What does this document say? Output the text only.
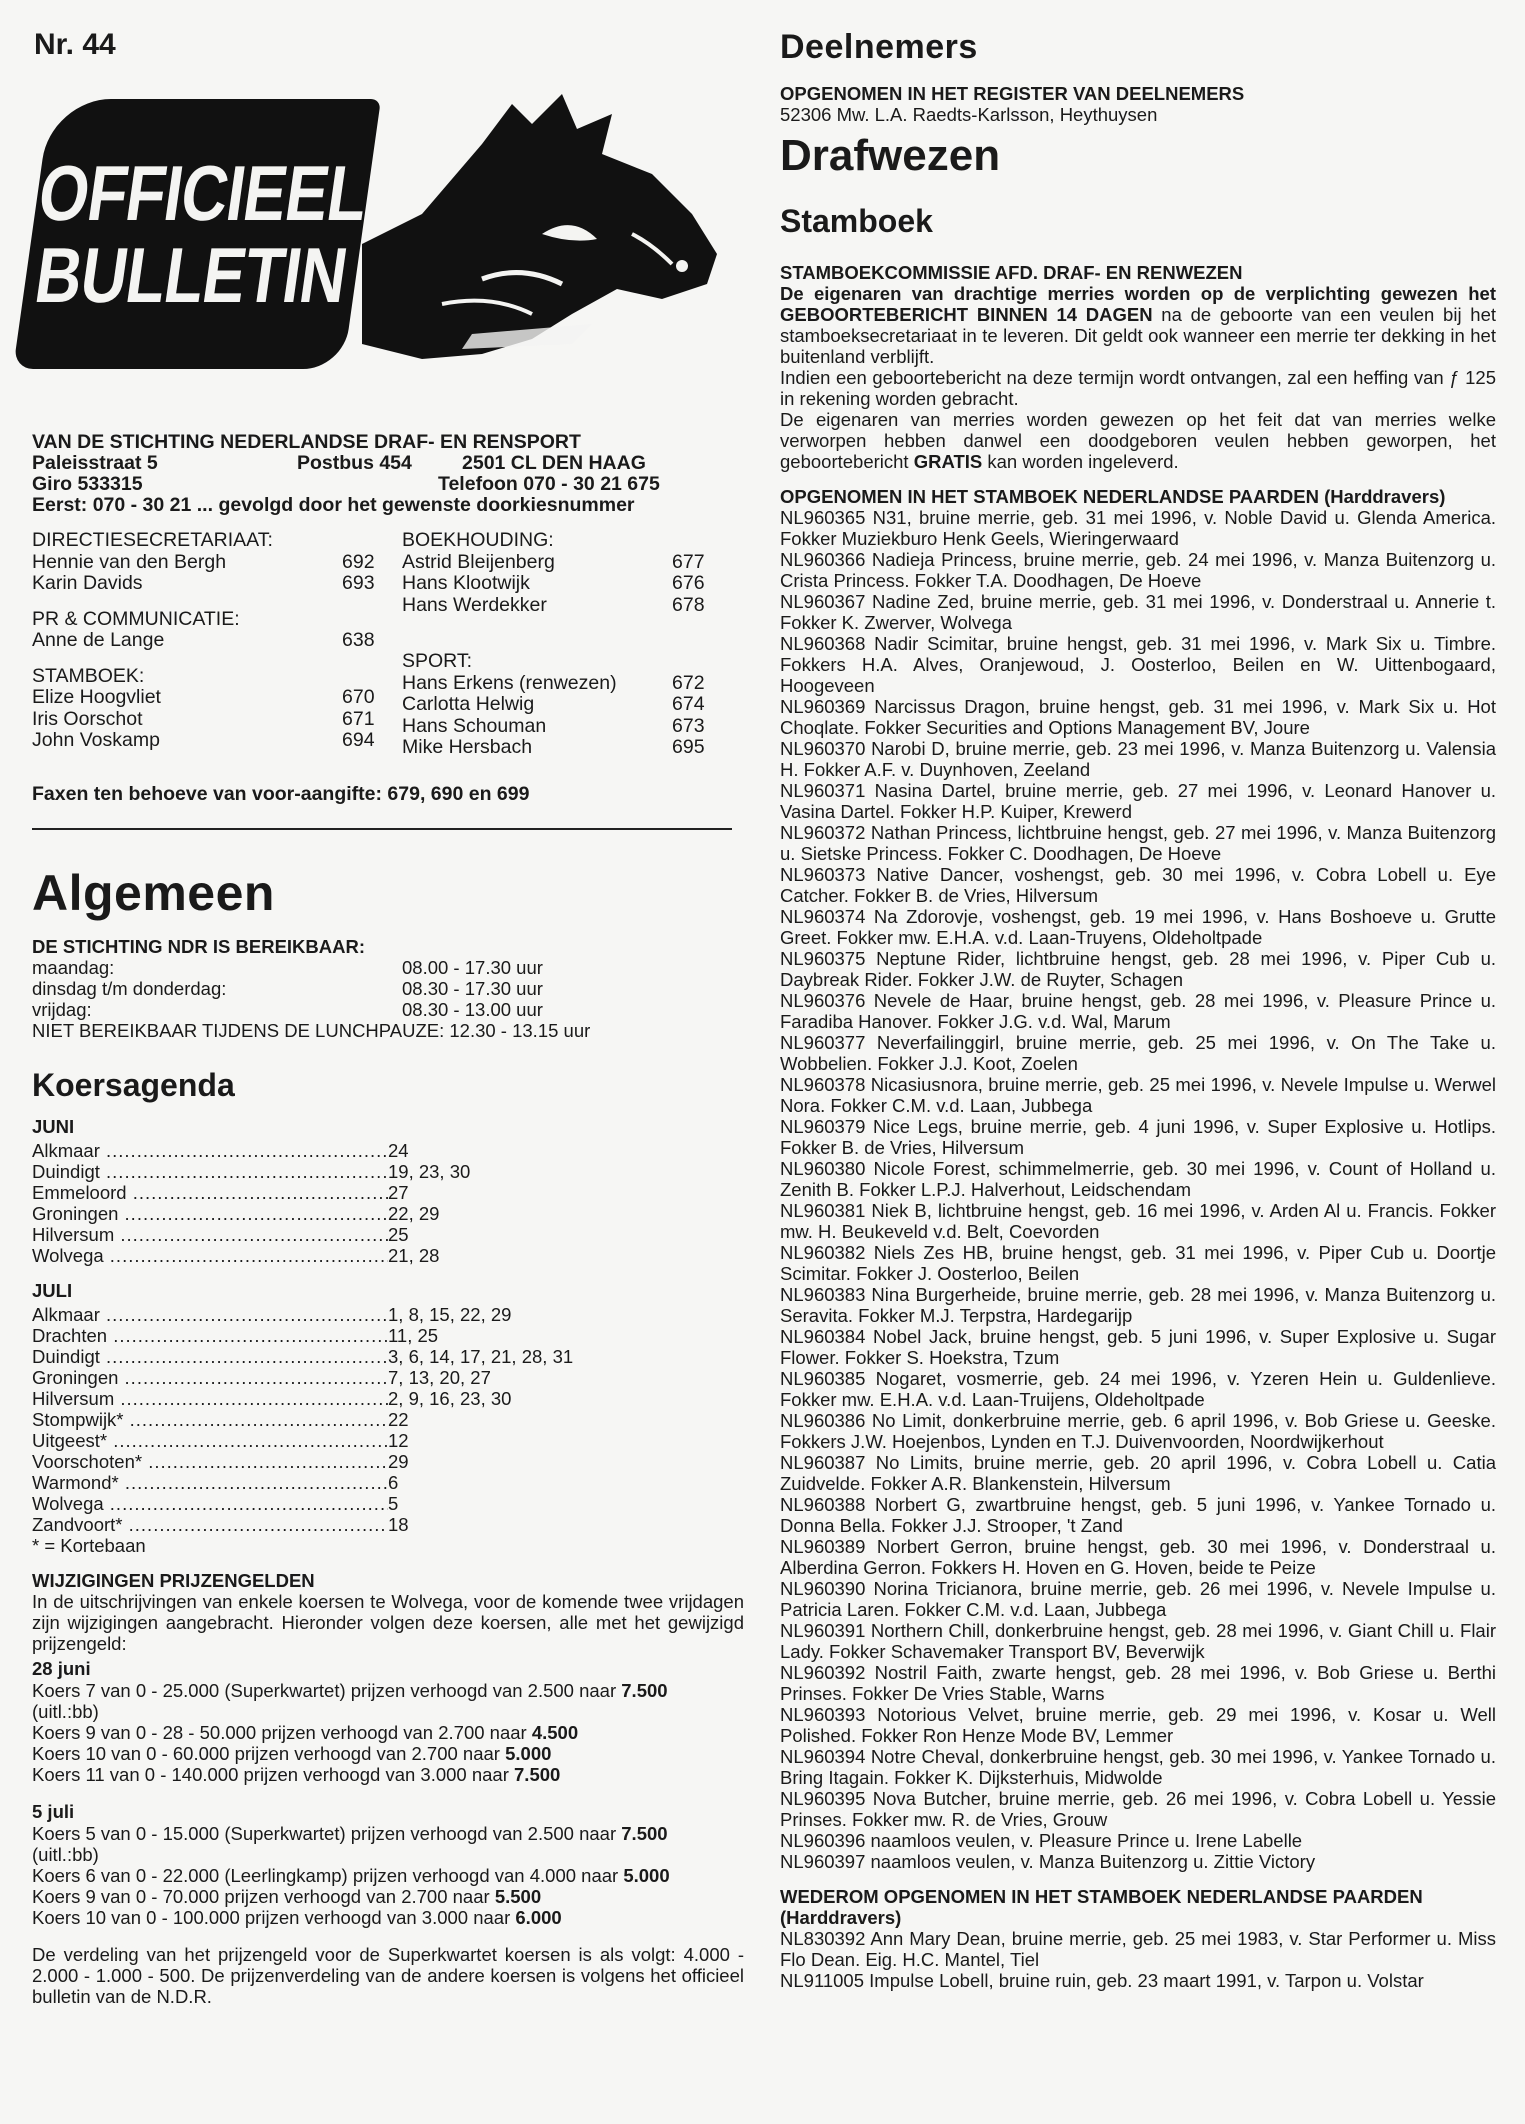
Nr. 44
OFFICIEEL
BULLETIN
VAN DE STICHTING NEDERLANDSE DRAF- EN RENSPORT
Paleisstraat 5	Postbus 454	2501 CL DEN HAAG
Giro 533315	Telefoon 070 - 30 21 675
Eerst: 070 - 30 21 ... gevolgd door het gewenste doorkiesnummer
DIRECTIESECRETARIAAT:
Hennie van den Bergh	692
Karin Davids	693
PR & COMMUNICATIE:
Anne de Lange	638
STAMBOEK:
Elize Hoogvliet	670
Iris Oorschot	671
John Voskamp	694
BOEKHOUDING:
Astrid Bleijenberg	677
Hans Klootwijk	676
Hans Werdekker	678
SPORT:
Hans Erkens (renwezen)	672
Carlotta Helwig	674
Hans Schouman	673
Mike Hersbach	695
Faxen ten behoeve van voor-aangifte: 679, 690 en 699
Algemeen
DE STICHTING NDR IS BEREIKBAAR:
maandag:	08.00 - 17.30 uur
dinsdag t/m donderdag:	08.30 - 17.30 uur
vrijdag:	08.30 - 13.00 uur
NIET BEREIKBAAR TIJDENS DE LUNCHPAUZE: 12.30 - 13.15 uur
Koersagenda
JUNI
Alkmaar .....	24
Duindigt .....	19, 23, 30
Emmeloord .....	27
Groningen .....	22, 29
Hilversum .....	25
Wolvega .....	21, 28
JULI
Alkmaar .....	1, 8, 15, 22, 29
Drachten .....	11, 25
Duindigt .....	3, 6, 14, 17, 21, 28, 31
Groningen .....	7, 13, 20, 27
Hilversum .....	2, 9, 16, 23, 30
Stompwijk* .....	22
Uitgeest* .....	12
Voorschoten* .....	29
Warmond* .....	6
Wolvega .....	5
Zandvoort* .....	18
* = Kortebaan
WIJZIGINGEN PRIJZENGELDEN
In de uitschrijvingen van enkele koersen te Wolvega, voor de komende twee vrijdagen zijn wijzigingen aangebracht. Hieronder volgen deze koersen, alle met het gewijzigd prijzengeld:
28 juni
Koers 7 van 0 - 25.000 (Superkwartet) prijzen verhoogd van 2.500 naar 7.500
(uitl.:bb)
Koers 9 van 0 - 28 - 50.000 prijzen verhoogd van 2.700 naar 4.500
Koers 10 van 0 - 60.000 prijzen verhoogd van 2.700 naar 5.000
Koers 11 van 0 - 140.000 prijzen verhoogd van 3.000 naar 7.500
5 juli
Koers 5 van 0 - 15.000 (Superkwartet) prijzen verhoogd van 2.500 naar 7.500
(uitl.:bb)
Koers 6 van 0 - 22.000 (Leerlingkamp) prijzen verhoogd van 4.000 naar 5.000
Koers 9 van 0 - 70.000 prijzen verhoogd van 2.700 naar 5.500
Koers 10 van 0 - 100.000 prijzen verhoogd van 3.000 naar 6.000
De verdeling van het prijzengeld voor de Superkwartet koersen is als volgt: 4.000 - 2.000 - 1.000 - 500. De prijzenverdeling van de andere koersen is volgens het officieel bulletin van de N.D.R.
Deelnemers
OPGENOMEN IN HET REGISTER VAN DEELNEMERS
52306 Mw. L.A. Raedts-Karlsson, Heythuysen
Drafwezen
Stamboek
STAMBOEKCOMMISSIE AFD. DRAF- EN RENWEZEN
De eigenaren van drachtige merries worden op de verplichting gewezen het GEBOORTEBERICHT BINNEN 14 DAGEN na de geboorte van een veulen bij het stamboeksecretariaat in te leveren. Dit geldt ook wanneer een merrie ter dekking in het buitenland verblijft.
Indien een geboortebericht na deze termijn wordt ontvangen, zal een heffing van ƒ 125 in rekening worden gebracht.
De eigenaren van merries worden gewezen op het feit dat van merries welke verworpen hebben danwel een doodgeboren veulen hebben geworpen, het geboortebericht GRATIS kan worden ingeleverd.
OPGENOMEN IN HET STAMBOEK NEDERLANDSE PAARDEN (Harddravers)
NL960365 N31, bruine merrie, geb. 31 mei 1996, v. Noble David u. Glenda America. Fokker Muziekburo Henk Geels, Wieringerwaard
NL960366 Nadieja Princess, bruine merrie, geb. 24 mei 1996, v. Manza Buitenzorg u. Crista Princess. Fokker T.A. Doodhagen, De Hoeve
NL960367 Nadine Zed, bruine merrie, geb. 31 mei 1996, v. Donderstraal u. Annerie t. Fokker K. Zwerver, Wolvega
NL960368 Nadir Scimitar, bruine hengst, geb. 31 mei 1996, v. Mark Six u. Timbre. Fokkers H.A. Alves, Oranjewoud, J. Oosterloo, Beilen en W. Uittenbogaard, Hoogeveen
NL960369 Narcissus Dragon, bruine hengst, geb. 31 mei 1996, v. Mark Six u. Hot Choqlate. Fokker Securities and Options Management BV, Joure
NL960370 Narobi D, bruine merrie, geb. 23 mei 1996, v. Manza Buitenzorg u. Valensia H. Fokker A.F. v. Duynhoven, Zeeland
NL960371 Nasina Dartel, bruine merrie, geb. 27 mei 1996, v. Leonard Hanover u. Vasina Dartel. Fokker H.P. Kuiper, Krewerd
NL960372 Nathan Princess, lichtbruine hengst, geb. 27 mei 1996, v. Manza Buitenzorg u. Sietske Princess. Fokker C. Doodhagen, De Hoeve
NL960373 Native Dancer, voshengst, geb. 30 mei 1996, v. Cobra Lobell u. Eye Catcher. Fokker B. de Vries, Hilversum
NL960374 Na Zdorovje, voshengst, geb. 19 mei 1996, v. Hans Boshoeve u. Grutte Greet. Fokker mw. E.H.A. v.d. Laan-Truyens, Oldeholtpade
NL960375 Neptune Rider, lichtbruine hengst, geb. 28 mei 1996, v. Piper Cub u. Daybreak Rider. Fokker J.W. de Ruyter, Schagen
NL960376 Nevele de Haar, bruine hengst, geb. 28 mei 1996, v. Pleasure Prince u. Faradiba Hanover. Fokker J.G. v.d. Wal, Marum
NL960377 Neverfailinggirl, bruine merrie, geb. 25 mei 1996, v. On The Take u. Wobbelien. Fokker J.J. Koot, Zoelen
NL960378 Nicasiusnora, bruine merrie, geb. 25 mei 1996, v. Nevele Impulse u. Werwel Nora. Fokker C.M. v.d. Laan, Jubbega
NL960379 Nice Legs, bruine merrie, geb. 4 juni 1996, v. Super Explosive u. Hotlips. Fokker B. de Vries, Hilversum
NL960380 Nicole Forest, schimmelmerrie, geb. 30 mei 1996, v. Count of Holland u. Zenith B. Fokker L.P.J. Halverhout, Leidschendam
NL960381 Niek B, lichtbruine hengst, geb. 16 mei 1996, v. Arden Al u. Francis. Fokker mw. H. Beukeveld v.d. Belt, Coevorden
NL960382 Niels Zes HB, bruine hengst, geb. 31 mei 1996, v. Piper Cub u. Doortje Scimitar. Fokker J. Oosterloo, Beilen
NL960383 Nina Burgerheide, bruine merrie, geb. 28 mei 1996, v. Manza Buitenzorg u. Seravita. Fokker M.J. Terpstra, Hardegarijp
NL960384 Nobel Jack, bruine hengst, geb. 5 juni 1996, v. Super Explosive u. Sugar Flower. Fokker S. Hoekstra, Tzum
NL960385 Nogaret, vosmerrie, geb. 24 mei 1996, v. Yzeren Hein u. Guldenlieve. Fokker mw. E.H.A. v.d. Laan-Truijens, Oldeholtpade
NL960386 No Limit, donkerbruine merrie, geb. 6 april 1996, v. Bob Griese u. Geeske. Fokkers J.W. Hoejenbos, Lynden en T.J. Duivenvoorden, Noordwijkerhout
NL960387 No Limits, bruine merrie, geb. 20 april 1996, v. Cobra Lobell u. Catia Zuidvelde. Fokker A.R. Blankenstein, Hilversum
NL960388 Norbert G, zwartbruine hengst, geb. 5 juni 1996, v. Yankee Tornado u. Donna Bella. Fokker J.J. Strooper, 't Zand
NL960389 Norbert Gerron, bruine hengst, geb. 30 mei 1996, v. Donderstraal u. Alberdina Gerron. Fokkers H. Hoven en G. Hoven, beide te Peize
NL960390 Norina Tricianora, bruine merrie, geb. 26 mei 1996, v. Nevele Impulse u. Patricia Laren. Fokker C.M. v.d. Laan, Jubbega
NL960391 Northern Chill, donkerbruine hengst, geb. 28 mei 1996, v. Giant Chill u. Flair Lady. Fokker Schavemaker Transport BV, Beverwijk
NL960392 Nostril Faith, zwarte hengst, geb. 28 mei 1996, v. Bob Griese u. Berthi Prinses. Fokker De Vries Stable, Warns
NL960393 Notorious Velvet, bruine merrie, geb. 29 mei 1996, v. Kosar u. Well Polished. Fokker Ron Henze Mode BV, Lemmer
NL960394 Notre Cheval, donkerbruine hengst, geb. 30 mei 1996, v. Yankee Tornado u. Bring Itagain. Fokker K. Dijksterhuis, Midwolde
NL960395 Nova Butcher, bruine merrie, geb. 26 mei 1996, v. Cobra Lobell u. Yessie Prinses. Fokker mw. R. de Vries, Grouw
NL960396 naamloos veulen, v. Pleasure Prince u. Irene Labelle
NL960397 naamloos veulen, v. Manza Buitenzorg u. Zittie Victory
WEDEROM OPGENOMEN IN HET STAMBOEK NEDERLANDSE PAARDEN (Harddravers)
NL830392 Ann Mary Dean, bruine merrie, geb. 25 mei 1983, v. Star Performer u. Miss Flo Dean. Eig. H.C. Mantel, Tiel
NL911005 Impulse Lobell, bruine ruin, geb. 23 maart 1991, v. Tarpon u. Volstar
